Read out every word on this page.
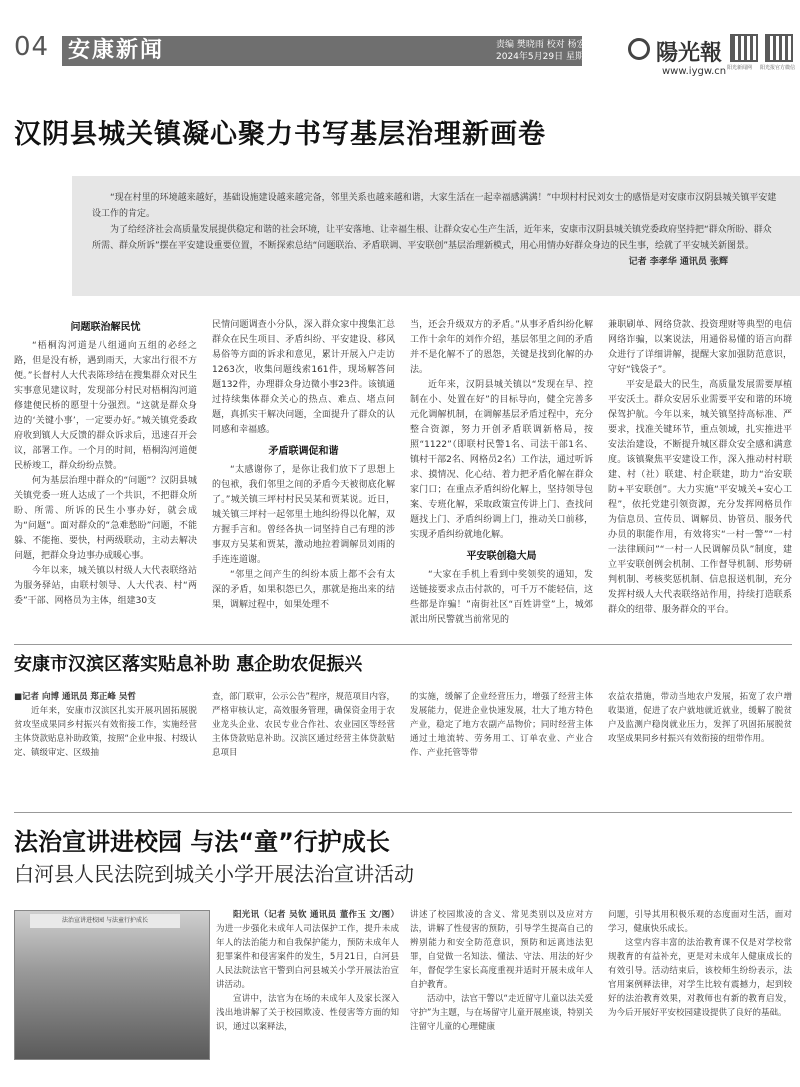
04 安康新闻	责编 樊晓雨 校对 杨宏玲
2024年5月29日 星期三	陽光報
www.iygw.cn 阳光新闻网 阳光报官方微信
汉阴县城关镇凝心聚力书写基层治理新画卷

“现在村里的环境越来越好，基础设施建设越来越完备，邻里关系也越来越和谐，大家生活在一起幸福感满满！”中坝村村民刘女士的感悟是对安康市汉阴县城关镇平安建设工作的肯定。

为了给经济社会高质量发展提供稳定和谐的社会环境，让平安落地、让幸福生根、让群众安心生产生活，近年来，安康市汉阴县城关镇党委政府坚持把“群众所盼、群众所需、群众所诉”摆在平安建设重要位置，不断探索总结“问题联治、矛盾联调、平安联创”基层治理新模式，用心用情办好群众身边的民生事，绘就了平安城关新图景。

记者 李孝华 通讯员 张辉

问题联治解民忧

“梧桐沟河道是八组通向五组的必经之路，但是没有桥，遇到雨天，大家出行很不方便。”长督村人大代表陈珍结在搜集群众对民生实事意见建议时，发现部分村民对梧桐沟河道修建便民桥的愿望十分强烈。“这就是群众身边的‘关键小事’，一定要办好。”城关镇党委政府收到镇人大反馈的群众诉求后，迅速召开会议，部署工作。一个月的时间，梧桐沟河道便民桥竣工，群众纷纷点赞。

何为基层治理中群众的“问题”？汉阴县城关镇党委一班人达成了一个共识，不把群众所盼、所需、所诉的民生小事办好，就会成为“问题”。面对群众的“急难愁盼”问题，不能躲、不能拖、要快，村两级联动，主动去解决问题，把群众身边事办成暖心事。

今年以来，城关镇以村级人大代表联络站为服务驿站，由联村领导、人大代表、村“两委”干部、网格员为主体，组建30支

民情问题调查小分队，深入群众家中搜集汇总群众在民生项目、矛盾纠纷、平安建设、移风易俗等方面的诉求和意见，累计开展入户走访1263次，收集问题线索161件，现场解答问题132件，办理群众身边微小事23件。该镇通过持续集体群众关心的热点、难点、堵点问题，真抓实干解决问题，全面提升了群众的认同感和幸福感。

矛盾联调促和谐

“太感谢你了，是你让我们放下了思想上的包袱，我们邻里之间的矛盾今天被彻底化解了。”城关镇三坪村村民吴某和贾某说。近日，城关镇三坪村一起邻里土地纠纷得以化解，双方握手言和。曾经各执一词坚持自己有理的涉事双方吴某和贾某，激动地拉着调解员刘雨的手连连道谢。

“邻里之间产生的纠纷本质上都不会有太深的矛盾，如果积怨已久，那就是拖出来的结果，调解过程中，如果处理不

当，还会升级双方的矛盾。”从事矛盾纠纷化解工作十余年的刘作介绍，基层邻里之间的矛盾并不是化解不了的恩怨，关键是找到化解的办法。

近年来，汉阴县城关镇以“发现在早、控制在小、处置在好”的目标导向，健全完善多元化调解机制，在调解基层矛盾过程中，充分整合资源，努力开创矛盾联调新格局，按照“1122”（即联村民警1名、司法干部1名、镇村干部2名、网格员2名）工作法，通过听诉求、摸情况、化心结、着力把矛盾化解在群众家门口；在重点矛盾纠纷化解上，坚持领导包案、专班化解，采取政策宣传讲上门、查找问题找上门、矛盾纠纷调上门，推动关口前移，实现矛盾纠纷就地化解。

平安联创稳大局

“大家在手机上看到中奖领奖的通知，发送链接要求点击付款的，可千万不能轻信，这些都是诈骗！”南街社区“百姓讲堂”上，城郊派出所民警就当前常见的

兼职刷单、网络贷款、投资理财等典型的电信网络诈骗，以案说法，用通俗易懂的语言向群众进行了详细讲解，提醒大家加强防范意识，守好“钱袋子”。

平安是最大的民生，高质量发展需要厚植平安沃土。群众安居乐业需要平安和谐的环境保驾护航。今年以来，城关镇坚持高标准、严要求，找准关键环节，重点领域，扎实推进平安法治建设，不断提升城区群众安全感和满意度。该镇聚焦平安建设工作，深入推动村村联建、村（社）联建、村企联建，助力“治安联防+平安联创”。大力实施“平安城关+安心工程”，依托党建引领资源，充分发挥网格员作为信息员、宣传员、调解员、协管员、服务代办员的职能作用，有效将实“一村一警”“一村一法律顾问”“一村一人民调解员队”制度，建立平安联创例会机制、工作督导机制、形势研判机制、考核奖惩机制、信息报送机制，充分发挥村级人大代表联络站作用，持续打造联系群众的纽带、服务群众的平台。

安康市汉滨区落实贴息补助 惠企助农促振兴
■记者 向博 通讯员 郑正峰 吴哲

近年来，安康市汉滨区扎实开展巩固拓展脱贫攻坚成果同乡村振兴有效衔接工作，实施经营主体贷款贴息补助政策，按照“企业申报、村级认定、镇级审定、区级抽

查，部门联审，公示公告”程序，规范项目内容，严格审核认定，高效服务管理，确保资金用于农业龙头企业、农民专业合作社、农业园区等经营主体贷款贴息补助。汉滨区通过经营主体贷款贴息项目

的实施，缓解了企业经营压力，增强了经营主体发展能力，促进企业快速发展，壮大了地方特色产业，稳定了地方农副产品物价；同时经营主体通过土地流转、劳务用工、订单农业、产业合作、产业托管等带

农益农措施，带动当地农户发展，拓宽了农户增收渠道，促进了农户就地就近就业，缓解了脱贫户及监测户稳岗就业压力，发挥了巩固拓展脱贫攻坚成果同乡村振兴有效衔接的纽带作用。

法治宣讲进校园 与法“童”行护成长
白河县人民法院到城关小学开展法治宣讲活动
法治宣讲进校园 与法童行护成长

阳光讯（记者 吴钦 通讯员 董作玉 文/图）为进一步强化未成年人司法保护工作，提升未成年人的法治能力和自我保护能力，预防未成年人犯罪案件和侵害案件的发生，5月21日，白河县人民法院法官干警到白河县城关小学开展法治宣讲活动。

宣讲中，法官为在场的未成年人及家长深入浅出地讲解了关于校园欺凌、性侵害等方面的知识，通过以案释法，

讲述了校园欺凌的含义、常见类别以及应对方法，讲解了性侵害的预防，引导学生提高自己的辨别能力和安全防范意识，预防和远离违法犯罪，自觉做一名知法、懂法、守法、用法的好少年，督促学生家长高度重视并适时开展未成年人自护教育。

活动中，法官干警以“走近留守儿童以法关爱守护”为主题，与在场留守儿童开展座谈，特别关注留守儿童的心理健康

问题，引导其用积极乐观的态度面对生活，面对学习，健康快乐成长。

这堂内容丰富的法治教育课不仅是对学校常规教育的有益补充，更是对未成年人健康成长的有效引导。活动结束后，该校师生纷纷表示，法官用案例释法律，对学生比较有震撼力，起到较好的法治教育效果，对教师也有新的教育启发，为今后开展好平安校园建设提供了良好的基础。
